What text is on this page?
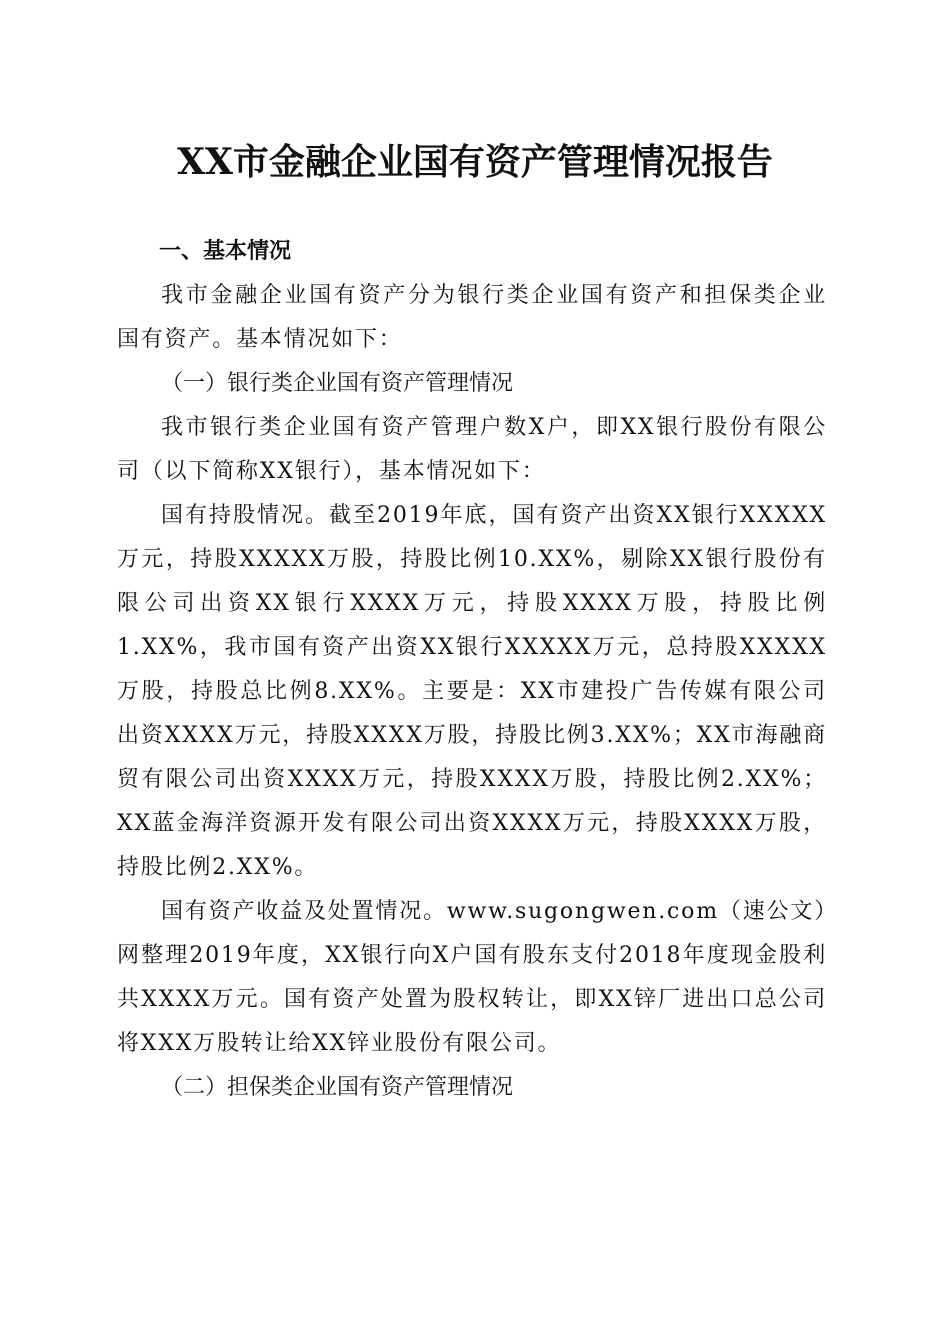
XX市金融企业国有资产管理情况报告

一、基本情况

我市金融企业国有资产分为银行类企业国有资产和担保类企业国有资产。基本情况如下：

（一）银行类企业国有资产管理情况

我市银行类企业国有资产管理户数X户，即XX银行股份有限公司（以下简称XX银行），基本情况如下：

国有持股情况。截至2019年底，国有资产出资XX银行XXXXX万元，持股XXXXX万股，持股比例10.XX%，剔除XX银行股份有限公司出资XX银行XXXX万元，持股XXXX万股，持股比例1.XX%，我市国有资产出资XX银行XXXXX万元，总持股XXXXX万股，持股总比例8.XX%。主要是：XX市建投广告传媒有限公司出资XXXX万元，持股XXXX万股，持股比例3.XX%；XX市海融商贸有限公司出资XXXX万元，持股XXXX万股，持股比例2.XX%；XX蓝金海洋资源开发有限公司出资XXXX万元，持股XXXX万股，持股比例2.XX%。

国有资产收益及处置情况。www.sugongwen.com（速公文）网整理2019年度，XX银行向X户国有股东支付2018年度现金股利共XXXX万元。国有资产处置为股权转让，即XX锌厂进出口总公司将XXX万股转让给XX锌业股份有限公司。

（二）担保类企业国有资产管理情况
